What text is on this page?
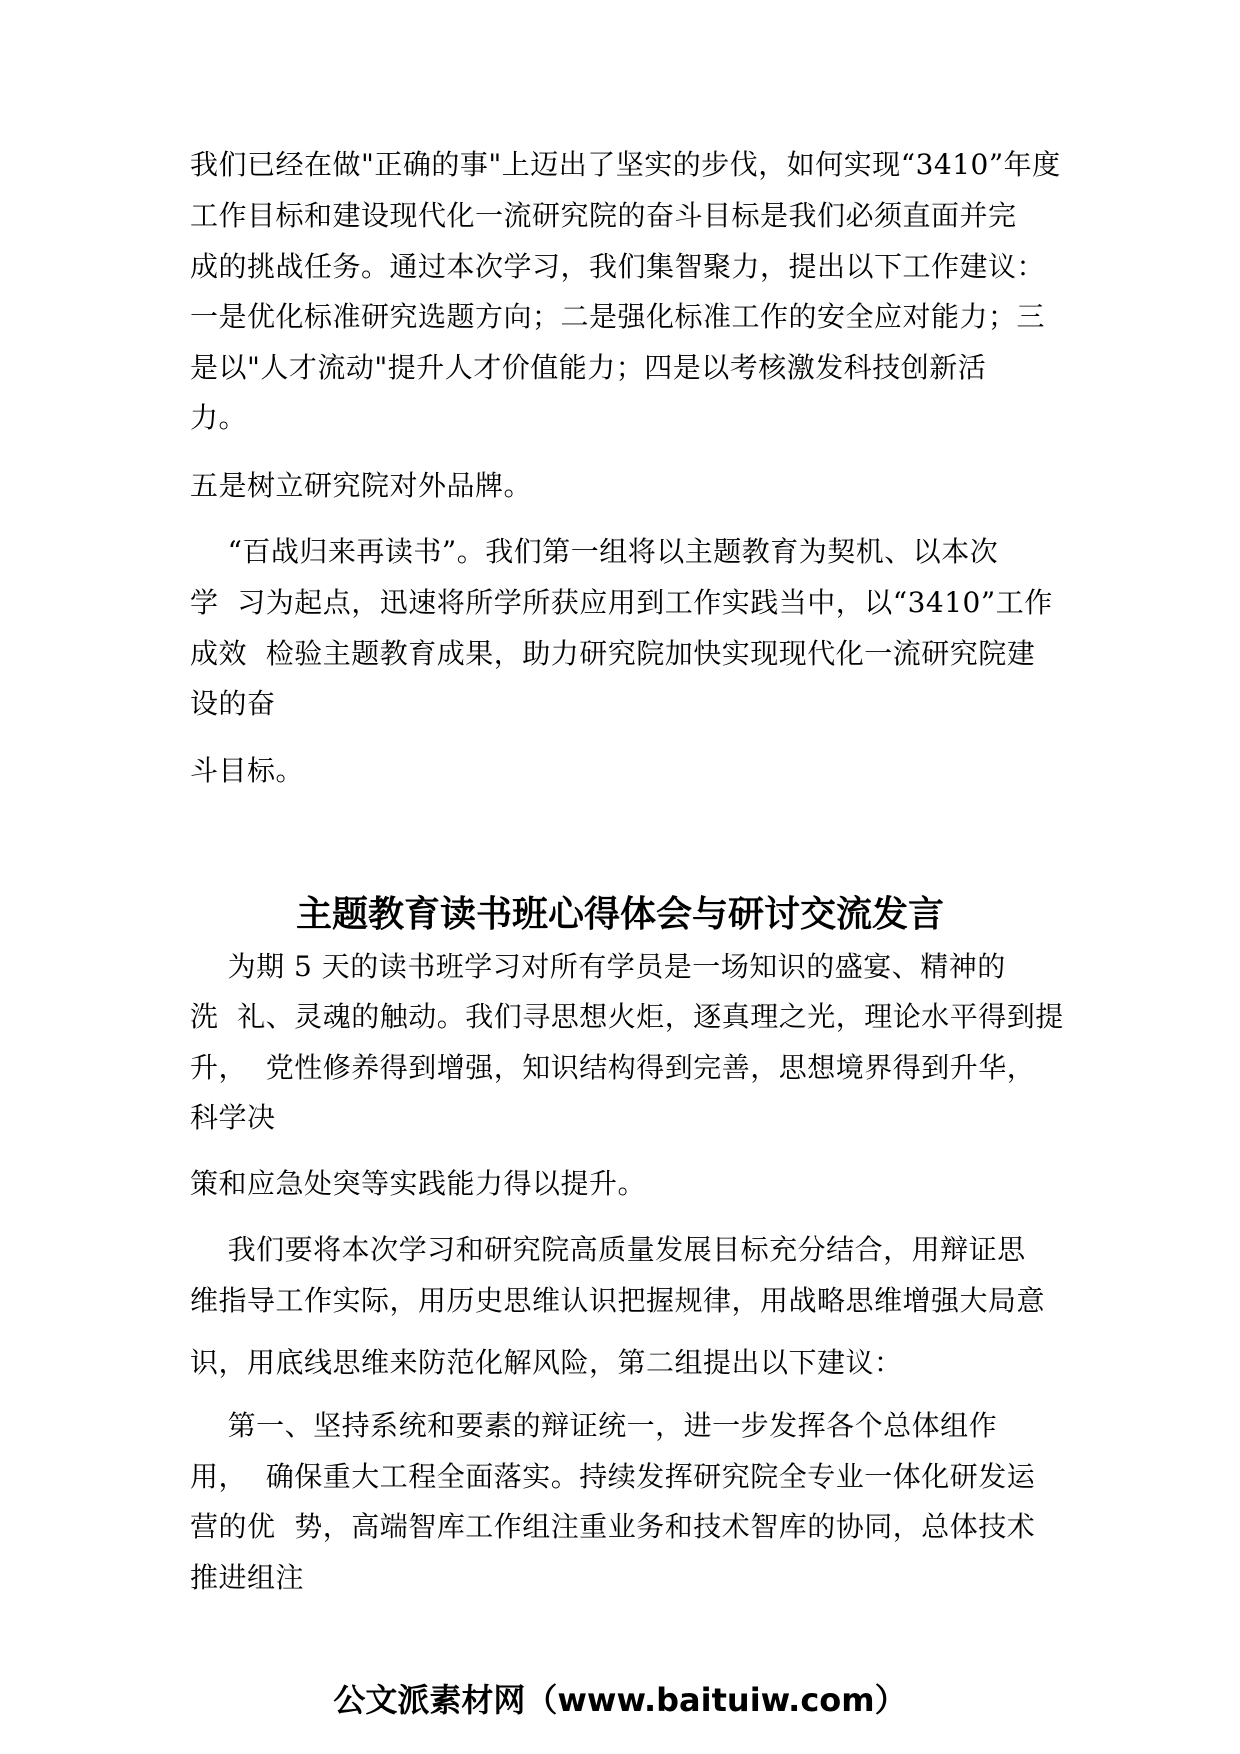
我们已经在做"正确的事"上迈出了坚实的步伐，如何实现“3410”年度
工作目标和建设现代化一流研究院的奋斗目标是我们必须直面并完
成的挑战任务。通过本次学习，我们集智聚力，提出以下工作建议：
一是优化标准研究选题方向；二是强化标准工作的安全应对能力；三
是以"人才流动"提升人才价值能力；四是以考核激发科技创新活
力。
五是树立研究院对外品牌。
“百战归来再读书”。我们第一组将以主题教育为契机、以本次
学  习为起点，迅速将所学所获应用到工作实践当中，以“3410”工作
成效  检验主题教育成果，助力研究院加快实现现代化一流研究院建
设的奋
斗目标。
主题教育读书班心得体会与研讨交流发言
为期 5 天的读书班学习对所有学员是一场知识的盛宴、精神的
洗  礼、灵魂的触动。我们寻思想火炬，逐真理之光，理论水平得到提
升，  党性修养得到增强，知识结构得到完善，思想境界得到升华，
科学决
策和应急处突等实践能力得以提升。
我们要将本次学习和研究院高质量发展目标充分结合，用辩证思
维指导工作实际，用历史思维认识把握规律，用战略思维增强大局意
识，用底线思维来防范化解风险，第二组提出以下建议：
第一、坚持系统和要素的辩证统一，进一步发挥各个总体组作
用，  确保重大工程全面落实。持续发挥研究院全专业一体化研发运
营的优  势，高端智库工作组注重业务和技术智库的协同，总体技术
推进组注
公文派素材网（www.baituiw.com）
